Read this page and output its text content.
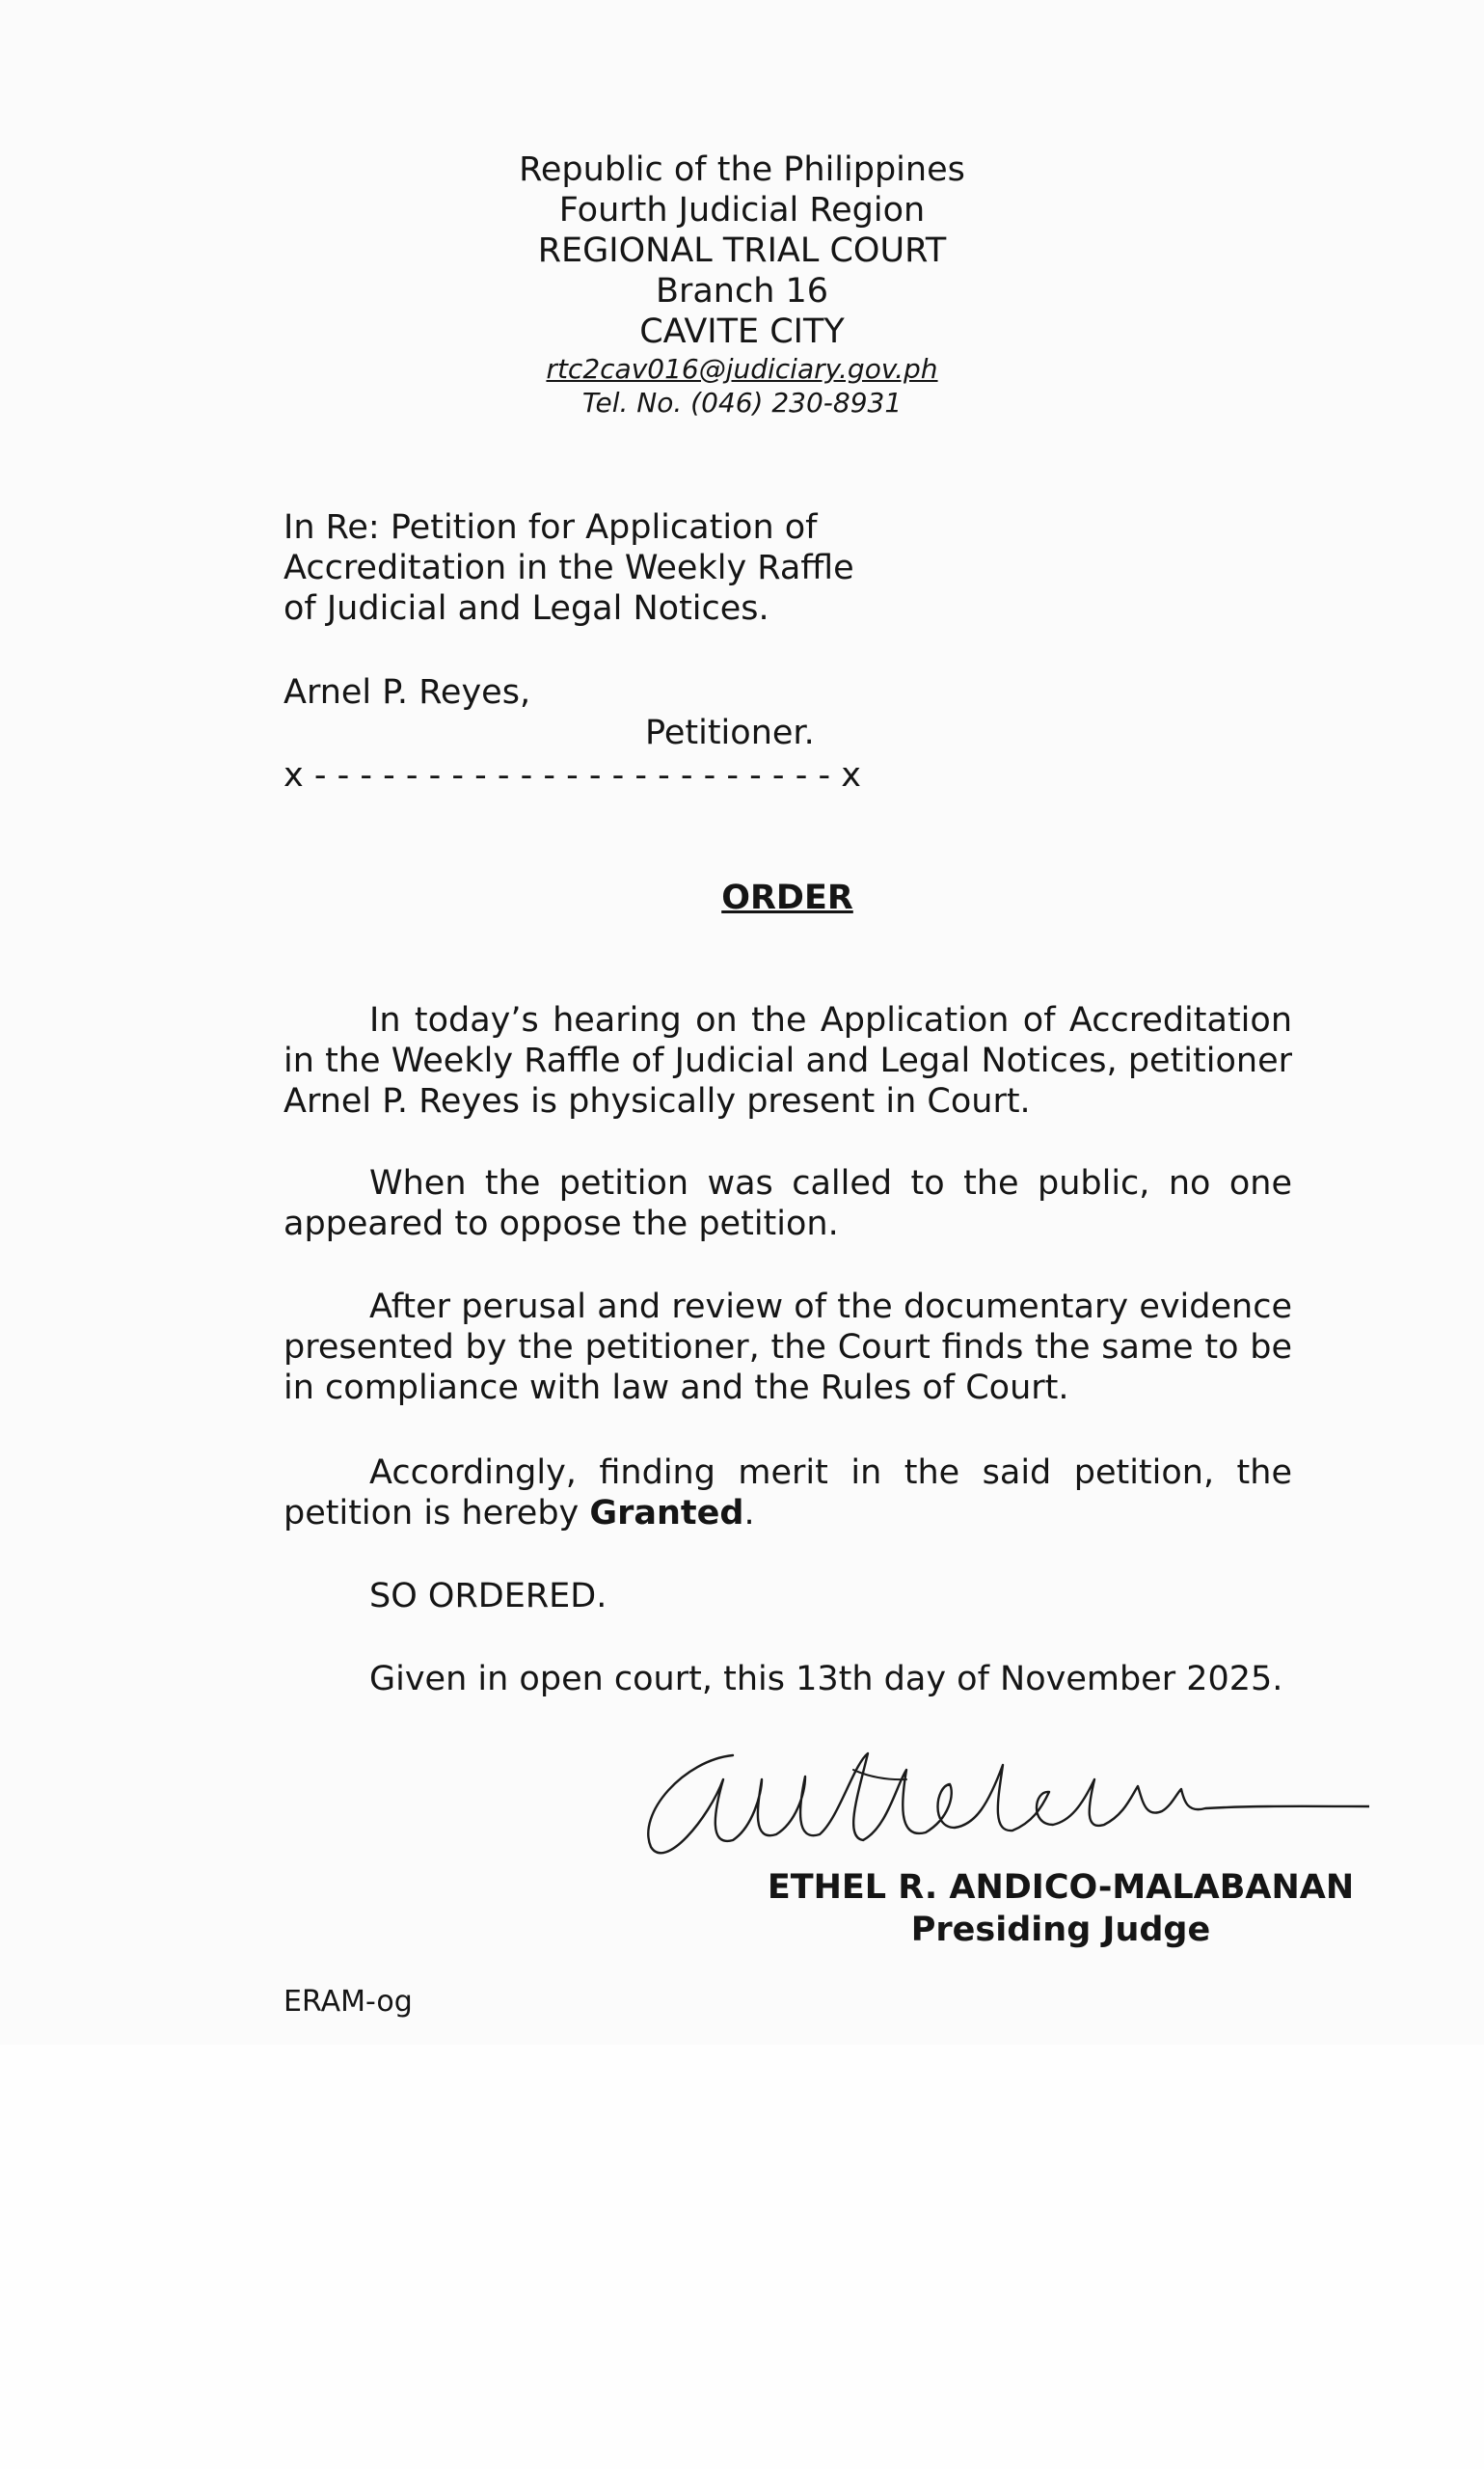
Republic of the Philippines
Fourth Judicial Region
REGIONAL TRIAL COURT
Branch 16
CAVITE CITY
rtc2cav016@judiciary.gov.ph
Tel. No. (046) 230-8931
In Re: Petition for Application of
Accreditation in the Weekly Raffle
of Judicial and Legal Notices.
Arnel P. Reyes,
Petitioner.
x - - - - - - - - - - - - - - - - - - - - - - - x
ORDER
In today’s hearing on the Application of Accreditation in the Weekly Raffle of Judicial and Legal Notices, petitioner Arnel P. Reyes is physically present in Court.
When the petition was called to the public, no one appeared to oppose the petition.
After perusal and review of the documentary evidence presented by the petitioner, the Court finds the same to be in compliance with law and the Rules of Court.
Accordingly, finding merit in the said petition, the petition is hereby Granted.
SO ORDERED.
Given in open court, this 13th day of November 2025.
ETHEL R. ANDICO-MALABANAN
Presiding Judge
ERAM-og
